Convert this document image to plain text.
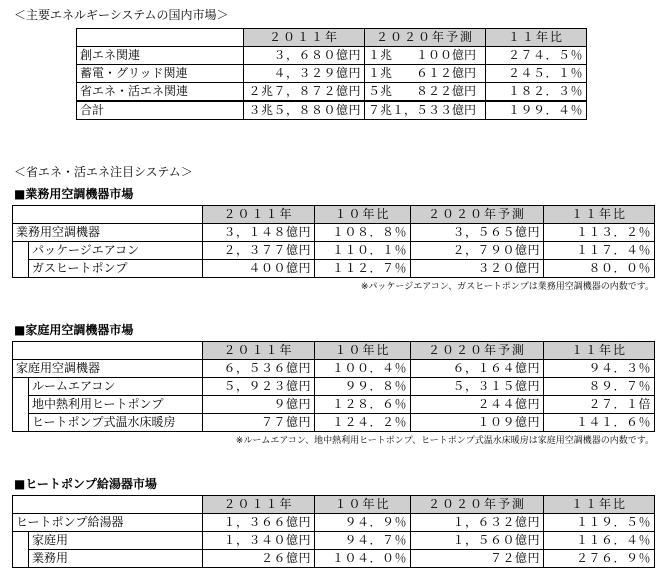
＜主要エネルギーシステムの国内市場＞
	２０１１年	２０２０年予測	１１年比
創エネ関連	３，６８０億円	１兆　　１００億円	２７４．５％
蓄電・グリッド関連	４，３２９億円	１兆　　６１２億円	２４５．１％
省エネ・活エネ関連	２兆７，８７２億円	５兆　　８２２億円	１８２．３％
合計	３兆５，８８０億円	７兆１，５３３億円	１９９．４％
＜省エネ・活エネ注目システム＞
■業務用空調機器市場
		２０１１年	１０年比	２０２０年予測	１１年比
業務用空調機器		３，１４８億円	１０８．８％	３，５６５億円	１１３．２％
	パッケージエアコン	２，３７７億円	１１０．１％	２，７９０億円	１１７．４％
	ガスヒートポンプ	４００億円	１１２．７％	３２０億円	８０．０％
※パッケージエアコン、ガスヒートポンプは業務用空調機器の内数です。
■家庭用空調機器市場
		２０１１年	１０年比	２０２０年予測	１１年比
家庭用空調機器		６，５３６億円	１００．４％	６，１６４億円	９４．３％
	ルームエアコン	５，９２３億円	９９．８％	５，３１５億円	８９．７％
	地中熱利用ヒートポンプ	９億円	１２８．６％	２４４億円	２７．１倍
	ヒートポンプ式温水床暖房	７７億円	１２４．２％	１０９億円	１４１．６％
※ルームエアコン、地中熱利用ヒートポンプ、ヒートポンプ式温水床暖房は家庭用空調機器の内数です。
■ヒートポンプ給湯器市場
		２０１１年	１０年比	２０２０年予測	１１年比
ヒートポンプ給湯器		１，３６６億円	９４．９％	１，６３２億円	１１９．５％
	家庭用	１，３４０億円	９４．７％	１，５６０億円	１１６．４％
	業務用	２６億円	１０４．０％	７２億円	２７６．９％
